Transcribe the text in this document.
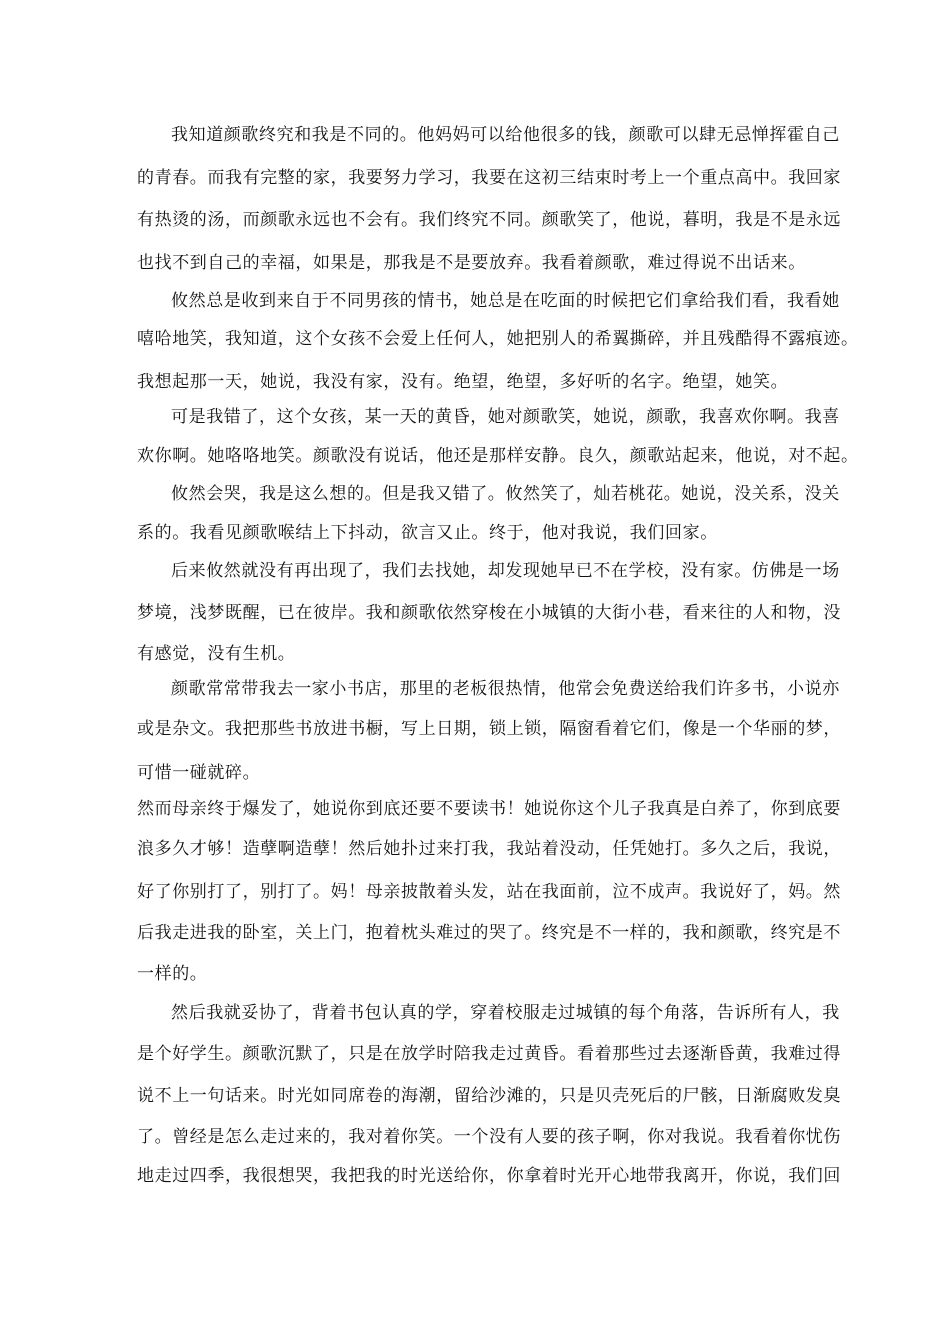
我知道颜歌终究和我是不同的。他妈妈可以给他很多的钱，颜歌可以肆无忌惮挥霍自己
的青春。而我有完整的家，我要努力学习，我要在这初三结束时考上一个重点高中。我回家
有热烫的汤，而颜歌永远也不会有。我们终究不同。颜歌笑了，他说，暮明，我是不是永远
也找不到自己的幸福，如果是，那我是不是要放弃。我看着颜歌，难过得说不出话来。
攸然总是收到来自于不同男孩的情书，她总是在吃面的时候把它们拿给我们看，我看她
嘻哈地笑，我知道，这个女孩不会爱上任何人，她把别人的希翼撕碎，并且残酷得不露痕迹。
我想起那一天，她说，我没有家，没有。绝望，绝望，多好听的名字。绝望，她笑。
可是我错了，这个女孩，某一天的黄昏，她对颜歌笑，她说，颜歌，我喜欢你啊。我喜
欢你啊。她咯咯地笑。颜歌没有说话，他还是那样安静。良久，颜歌站起来，他说，对不起。
攸然会哭，我是这么想的。但是我又错了。攸然笑了，灿若桃花。她说，没关系，没关
系的。我看见颜歌喉结上下抖动，欲言又止。终于，他对我说，我们回家。
后来攸然就没有再出现了，我们去找她，却发现她早已不在学校，没有家。仿佛是一场
梦境，浅梦既醒，已在彼岸。我和颜歌依然穿梭在小城镇的大街小巷，看来往的人和物，没
有感觉，没有生机。
颜歌常常带我去一家小书店，那里的老板很热情，他常会免费送给我们许多书，小说亦
或是杂文。我把那些书放进书橱，写上日期，锁上锁，隔窗看着它们，像是一个华丽的梦，
可惜一碰就碎。
然而母亲终于爆发了，她说你到底还要不要读书！她说你这个儿子我真是白养了，你到底要
浪多久才够！造孽啊造孽！然后她扑过来打我，我站着没动，任凭她打。多久之后，我说，
好了你别打了，别打了。妈！母亲披散着头发，站在我面前，泣不成声。我说好了，妈。然
后我走进我的卧室，关上门，抱着枕头难过的哭了。终究是不一样的，我和颜歌，终究是不
一样的。
然后我就妥协了，背着书包认真的学，穿着校服走过城镇的每个角落，告诉所有人，我
是个好学生。颜歌沉默了，只是在放学时陪我走过黄昏。看着那些过去逐渐昏黄，我难过得
说不上一句话来。时光如同席卷的海潮，留给沙滩的，只是贝壳死后的尸骸，日渐腐败发臭
了。曾经是怎么走过来的，我对着你笑。一个没有人要的孩子啊，你对我说。我看着你忧伤
地走过四季，我很想哭，我把我的时光送给你，你拿着时光开心地带我离开，你说，我们回
